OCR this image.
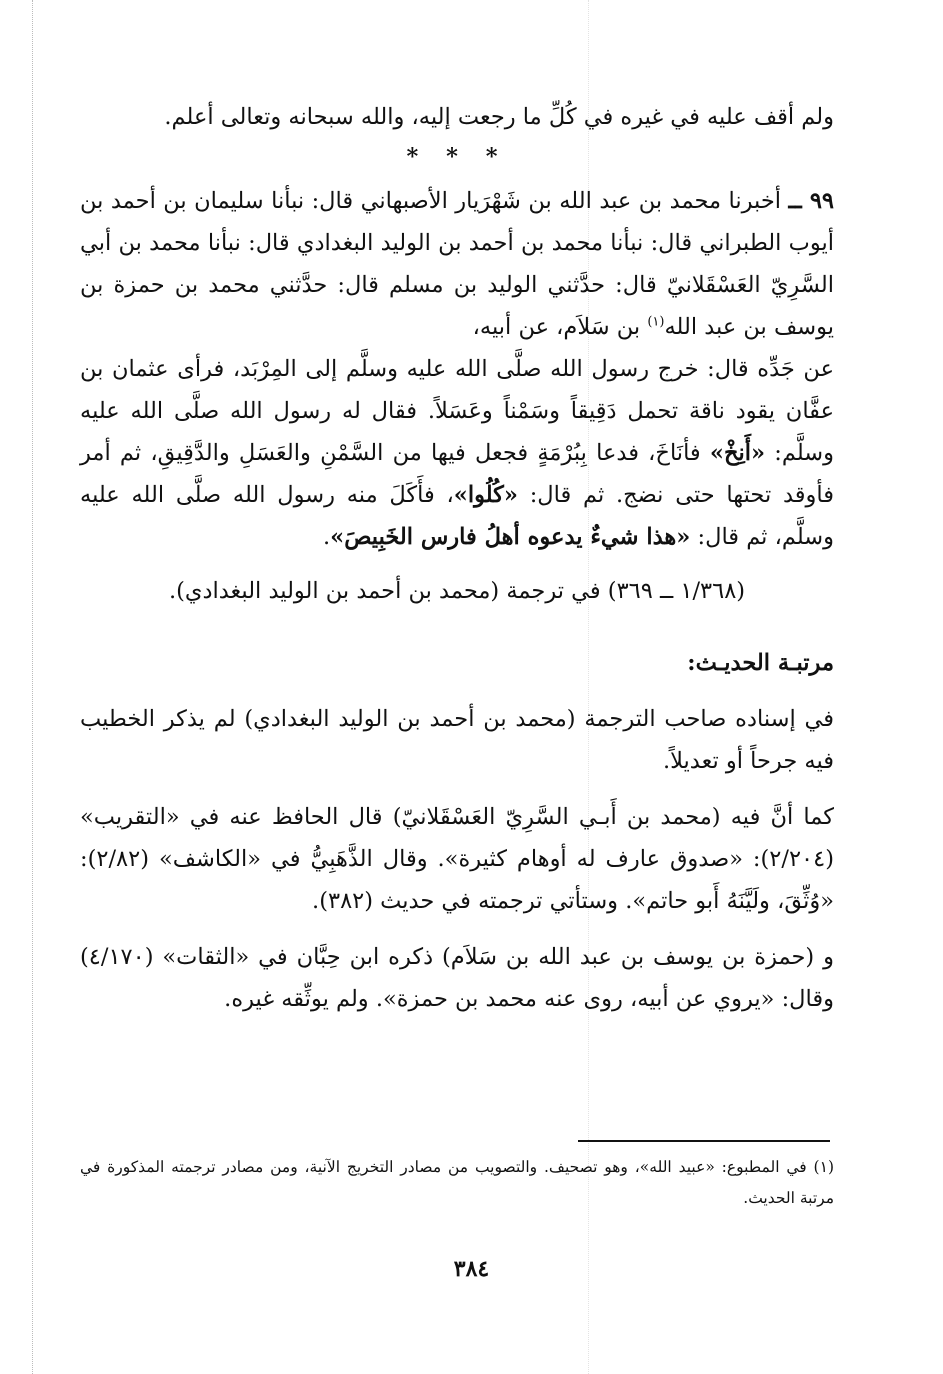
ولم أقف عليه في غيره في كُلِّ ما رجعت إليه، والله سبحانه وتعالى أعلم.

* * *

٩٩ ــ أخبرنا محمد بن عبد الله بن شَهْرَيار الأصبهاني قال: نبأنا سليمان بن أحمد بن أيوب الطبراني قال: نبأنا محمد بن أحمد بن الوليد البغدادي قال: نبأنا محمد بن أبي السَّرِيّ العَسْقَلانيّ قال: حدَّثني الوليد بن مسلم قال: حدَّثني محمد بن حمزة بن يوسف بن عبد الله$^{(١)}$ بن سَلاَم، عن أبيه،

عن جَدِّه قال: خرج رسول الله صلَّى الله عليه وسلَّم إلى المِرْبَد، فرأى عثمان بن عفَّان يقود ناقة تحمل دَقِيقاً وسَمْناً وعَسَلاً. فقال له رسول الله صلَّى الله عليه وسلَّم: «أَنِخْ» فأنَاخَ، فدعا بِبُرْمَةٍ فجعل فيها من السَّمْنِ والعَسَلِ والدَّقِيقِ، ثم أمر فأوقد تحتها حتى نضج. ثم قال: «كُلُوا»، فأَكَلَ منه رسول الله صلَّى الله عليه وسلَّم، ثم قال: «هذا شيءٌ يدعوه أهلُ فارس الخَبِيصَ».

(١/٣٦٨ ــ ٣٦٩) في ترجمة (محمد بن أحمد بن الوليد البغدادي).

مرتبـة الحديـث:

في إسناده صاحب الترجمة (محمد بن أحمد بن الوليد البغدادي) لم يذكر الخطيب فيه جرحاً أو تعديلاً.

كما أنَّ فيه (محمد بن أَبـي السَّرِيّ العَسْقَلانيّ) قال الحافظ عنه في «التقريب» (٢/٢٠٤): «صدوق عارف له أوهام كثيرة». وقال الذَّهَبِيُّ في «الكاشف» (٢/٨٢): «وُثِّقَ، ولَيَّنَهُ أَبو حاتم». وستأتي ترجمته في حديث (٣٨٢).

و (حمزة بن يوسف بن عبد الله بن سَلاَم) ذكره ابن حِبَّان في «الثقات» (٤/١٧٠) وقال: «يروي عن أبيه، روى عنه محمد بن حمزة». ولم يوثِّقه غيره.

(١) في المطبوع: «عبيد الله»، وهو تصحيف. والتصويب من مصادر التخريج الآنية، ومن مصادر ترجمته المذكورة في مرتبة الحديث.

٣٨٤
